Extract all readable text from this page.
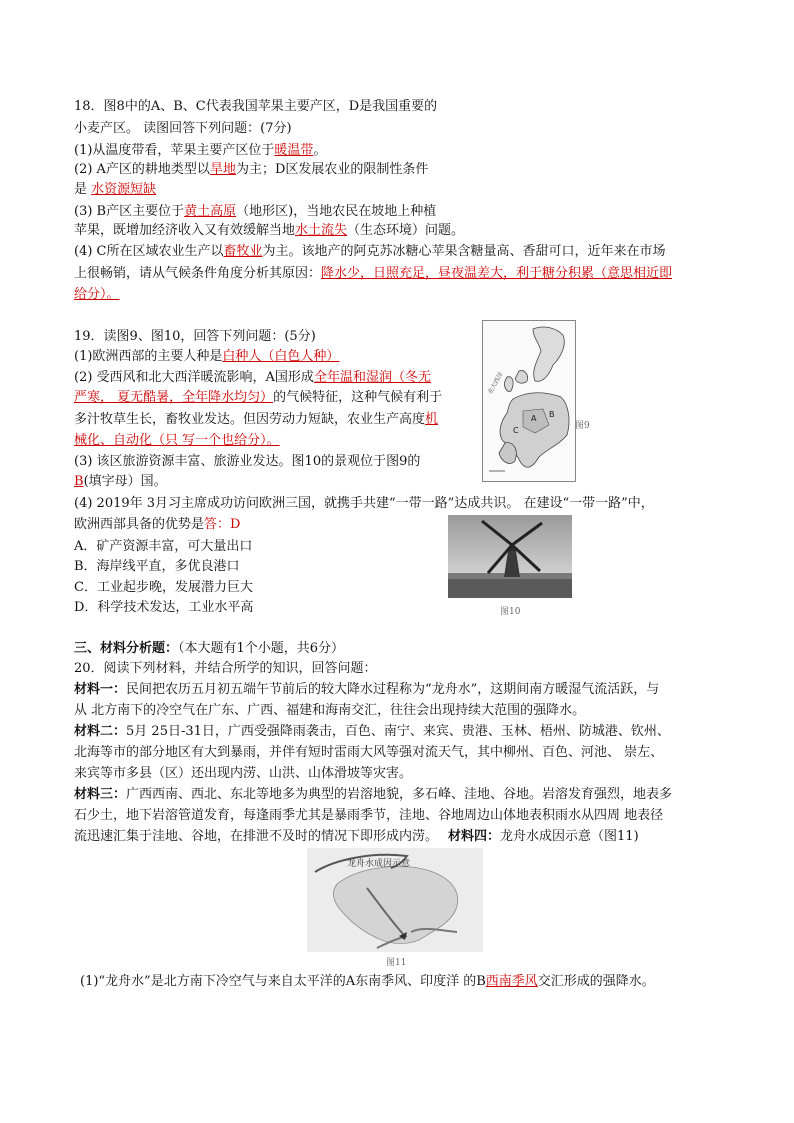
18．图8中的A、B、C代表我国苹果主要产区，D是我国重要的
小麦产区。 读图回答下列问题：(7分)
(1)从温度带看，苹果主要产区位于暖温带。
(2) A产区的耕地类型以旱地为主；D区发展农业的限制性条件
是 水资源短缺
(3) B产区主要位于黄土高原（地形区)，当地农民在坡地上种植
苹果，既增加经济收入又有效缓解当地水土流失（生态环境）问题。
(4) C所在区域农业生产以畜牧业为主。该地产的阿克苏冰糖心苹果含糖量高、香甜可口，近年来在市场
上很畅销，请从气候条件角度分析其原因：降水少，日照充足，昼夜温差大，利于糖分积累（意思相近即
给分）。
19．读图9、图10，回答下列问题：(5分)
(1)欧洲西部的主要人种是白种人（白色人种）
(2) 受西风和北大西洋暖流影响，A国形成全年温和湿润（冬无
严寒， 夏无酷暑，全年降水均匀）的气候特征，这种气候有利于
多汁牧草生长，畜牧业发达。但因劳动力短缺，农业生产高度机
械化、自动化（只 写一个也给分）。
(3) 该区旅游资源丰富、旅游业发达。图10的景观位于图9的
B(填字母）国。
(4) 2019年 3月习主席成功访问欧洲三国，就携手共建“一带一路”达成共识。 在建设“一带一路”中，
欧洲西部具备的优势是答：D
A．矿产资源丰富，可大量出口
B．海岸线平直，多优良港口
C．工业起步晚，发展潜力巨大
D．科学技术发达，工业水平高
A
C
B
北大西洋
图9
图10
三、材料分析题：（本大题有1个小题，共6分）
20．阅读下列材料，并结合所学的知识，回答问题：
材料一：民间把农历五月初五端午节前后的较大降水过程称为“龙舟水”，这期间南方暖湿气流活跃，与
从 北方南下的冷空气在广东、广西、福建和海南交汇，往往会出现持续大范围的强降水。
材料二：5月 25日-31日，广西受强降雨袭击，百色、南宁、来宾、贵港、玉林、梧州、防城港、钦州、
北海等市的部分地区有大到暴雨，并伴有短时雷雨大风等强对流天气，其中柳州、百色、河池、 崇左、
来宾等市多县（区）还出现内涝、山洪、山体滑坡等灾害。
材料三：广西西南、西北、东北等地多为典型的岩溶地貌，多石峰、洼地、谷地。岩溶发育强烈，地表多
石少土，地下岩溶管道发育，每逢雨季尤其是暴雨季节，洼地、谷地周边山体地表积雨水从四周 地表径
流迅速汇集于洼地、谷地，在排泄不及时的情况下即形成内涝。 材料四：龙舟水成因示意（图11)
龙舟水成因示意
图11
(1)“龙舟水”是北方南下冷空气与来自太平洋的A东南季风、印度洋 的B西南季风交汇形成的强降水。
